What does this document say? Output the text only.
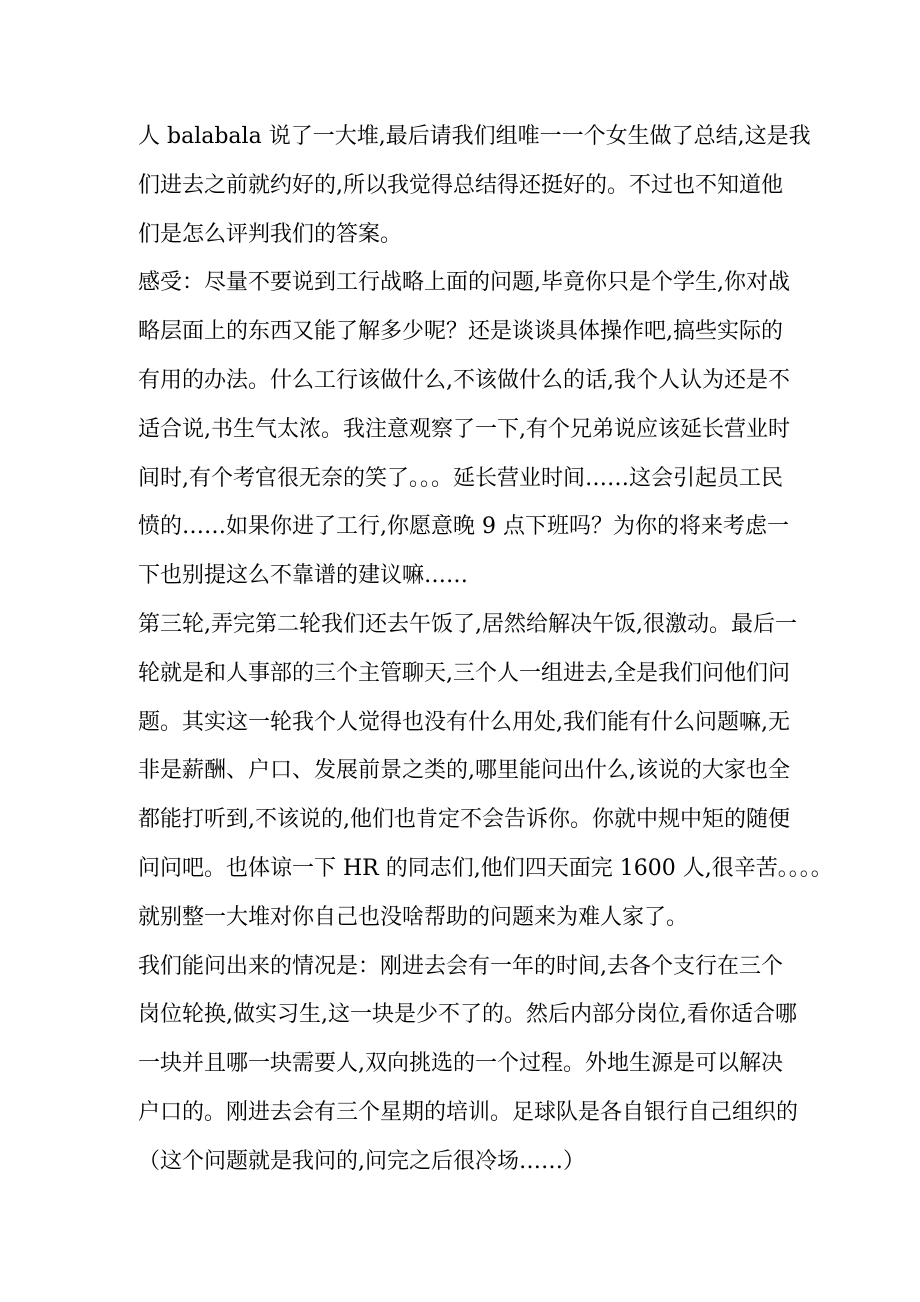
人 balabala 说了一大堆,最后请我们组唯一一个女生做了总结,这是我
们进去之前就约好的,所以我觉得总结得还挺好的。不过也不知道他
们是怎么评判我们的答案。

感受：尽量不要说到工行战略上面的问题,毕竟你只是个学生,你对战
略层面上的东西又能了解多少呢？还是谈谈具体操作吧,搞些实际的
有用的办法。什么工行该做什么,不该做什么的话,我个人认为还是不
适合说,书生气太浓。我注意观察了一下,有个兄弟说应该延长营业时
间时,有个考官很无奈的笑了。。。延长营业时间……这会引起员工民
愤的……如果你进了工行,你愿意晚 9 点下班吗？为你的将来考虑一
下也别提这么不靠谱的建议嘛……

第三轮,弄完第二轮我们还去午饭了,居然给解决午饭,很激动。最后一
轮就是和人事部的三个主管聊天,三个人一组进去,全是我们问他们问
题。其实这一轮我个人觉得也没有什么用处,我们能有什么问题嘛,无
非是薪酬、户口、发展前景之类的,哪里能问出什么,该说的大家也全
都能打听到,不该说的,他们也肯定不会告诉你。你就中规中矩的随便
问问吧。也体谅一下 HR 的同志们,他们四天面完 1600 人,很辛苦。。。。
就别整一大堆对你自己也没啥帮助的问题来为难人家了。

我们能问出来的情况是：刚进去会有一年的时间,去各个支行在三个
岗位轮换,做实习生,这一块是少不了的。然后内部分岗位,看你适合哪
一块并且哪一块需要人,双向挑选的一个过程。外地生源是可以解决
户口的。刚进去会有三个星期的培训。足球队是各自银行自己组织的
（这个问题就是我问的,问完之后很冷场……）
